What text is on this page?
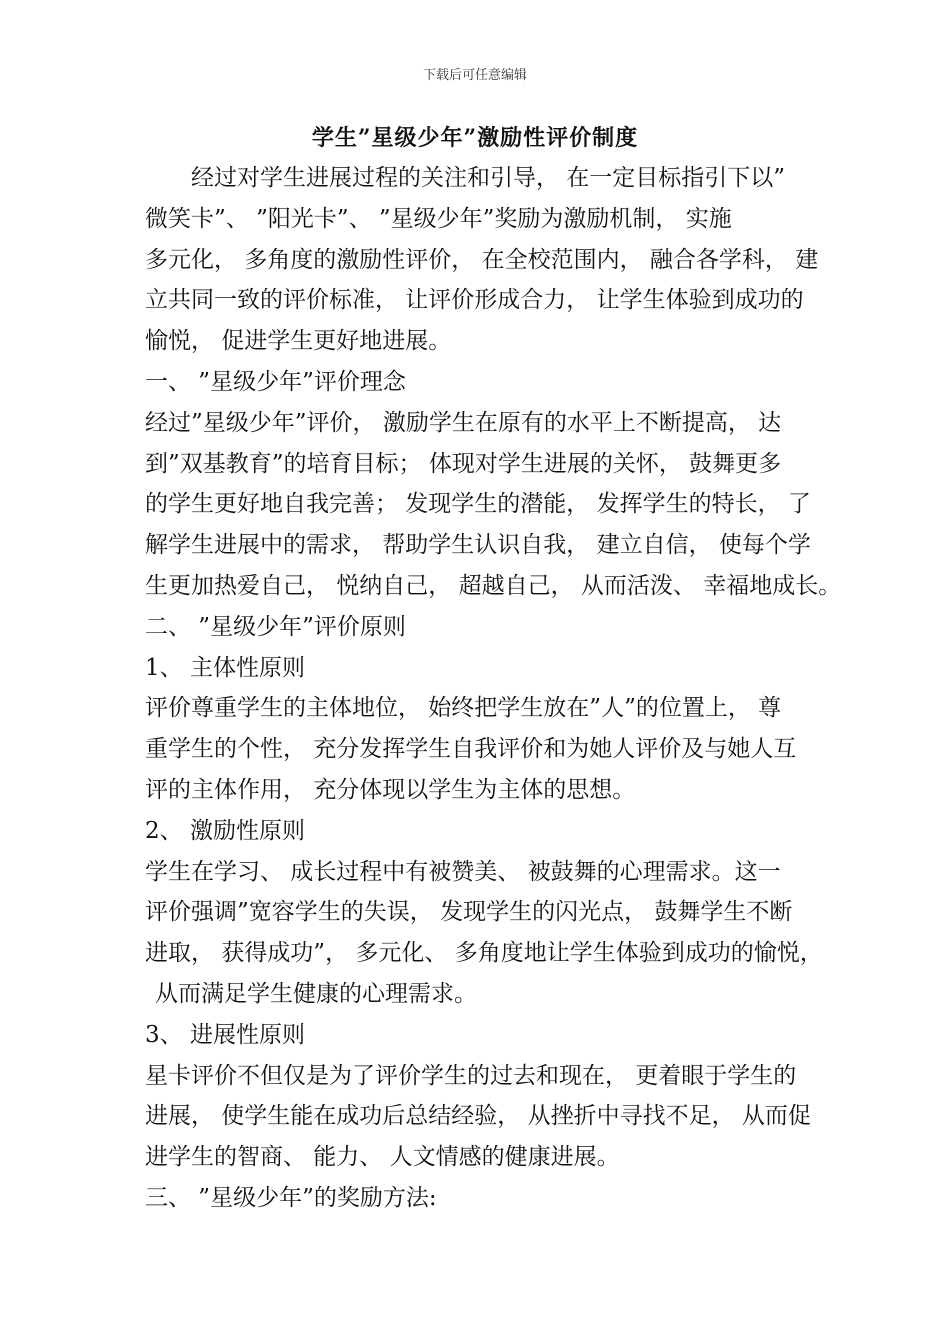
下载后可任意编辑
学生”星级少年”激励性评价制度
经过对学生进展过程的关注和引导， 在一定目标指引下以”
微笑卡”、 ”阳光卡”、 ”星级少年”奖励为激励机制， 实施
多元化， 多角度的激励性评价， 在全校范围内， 融合各学科， 建
立共同一致的评价标准， 让评价形成合力， 让学生体验到成功的
愉悦， 促进学生更好地进展。
一、 ”星级少年”评价理念
经过”星级少年”评价， 激励学生在原有的水平上不断提高， 达
到”双基教育”的培育目标； 体现对学生进展的关怀， 鼓舞更多
的学生更好地自我完善； 发现学生的潜能， 发挥学生的特长， 了
解学生进展中的需求， 帮助学生认识自我， 建立自信， 使每个学
生更加热爱自己， 悦纳自己， 超越自己， 从而活泼、 幸福地成长。
二、 ”星级少年”评价原则
1、 主体性原则
评价尊重学生的主体地位， 始终把学生放在”人”的位置上， 尊
重学生的个性， 充分发挥学生自我评价和为她人评价及与她人互
评的主体作用， 充分体现以学生为主体的思想。
2、 激励性原则
学生在学习、 成长过程中有被赞美、 被鼓舞的心理需求。这一
评价强调”宽容学生的失误， 发现学生的闪光点， 鼓舞学生不断
进取， 获得成功”， 多元化、 多角度地让学生体验到成功的愉悦，
从而满足学生健康的心理需求。
3、 进展性原则
星卡评价不但仅是为了评价学生的过去和现在， 更着眼于学生的
进展， 使学生能在成功后总结经验， 从挫折中寻找不足， 从而促
进学生的智商、 能力、 人文情感的健康进展。
三、 ”星级少年”的奖励方法:
